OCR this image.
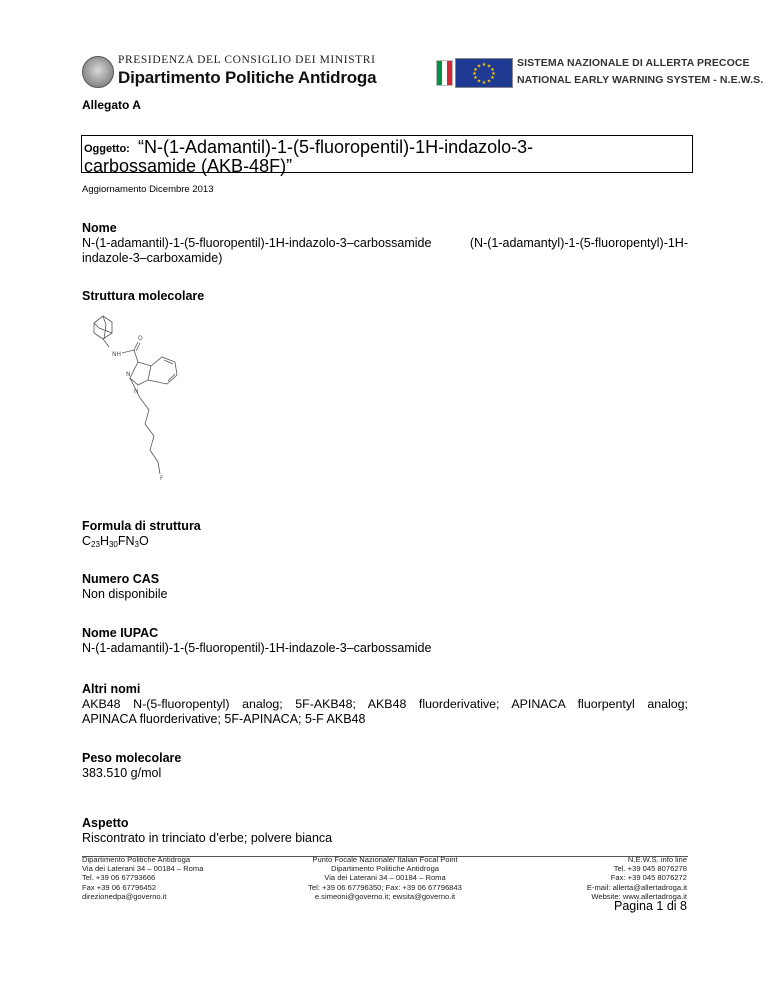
PRESIDENZA DEL CONSIGLIO DEI MINISTRI
Dipartimento Politiche Antidroga
★ ★
★
★
★
★
★
★
★
★
★
★	SISTEMA NAZIONALE DI ALLERTA PRECOCE
NATIONAL EARLY WARNING SYSTEM - N.E.W.S.
Allegato A
Oggetto: “N-(1-Adamantil)-1-(5-fluoropentil)-1H-indazolo-3-
carbossamide (AKB-48F)”
Aggiornamento Dicembre 2013
Nome
N-(1-adamantil)-1-(5-fluoropentil)-1H-indazolo-3–carbossamide	(N-(1-adamantyl)-1-(5-fluoropentyl)-1H-
indazole-3–carboxamide)
Struttura molecolare
NH
O
N
N
F
Formula di struttura
$C_{23}H_{30}FN_3O$
Numero CAS
Non disponibile
Nome IUPAC
N-(1-adamantil)-1-(5-fluoropentil)-1H-indazole-3–carbossamide
Altri nomi
AKB48 N-(5-fluoropentyl) analog; 5F-AKB48; AKB48 fluorderivative; APINACA fluorpentyl analog;
APINACA fluorderivative; 5F-APINACA; 5-F AKB48
Peso molecolare
383.510 g/mol
Aspetto
Riscontrato in trinciato d’erbe; polvere bianca
Dipartimento Politiche Antidroga
Via dei Laterani 34 – 00184 – Roma
Tel. +39 06 67793666
Fax +39 06 67796452
direzionedpa@governo.it
Punto Focale Nazionale/ Italian Focal Point
Dipartimento Politiche Antidroga
Via dei Laterani 34 – 00184 – Roma
Tel: +39 06 67796350; Fax: +39 06 67796843
e.simeoni@governo.it; ewsita@governo.it
N.E.W.S. info line
Tel. +39 045 8076278
Fax: +39 045 8076272
E-mail: allerta@allertadroga.it
Website: www.allertadroga.it
Pagina 1 di 8
